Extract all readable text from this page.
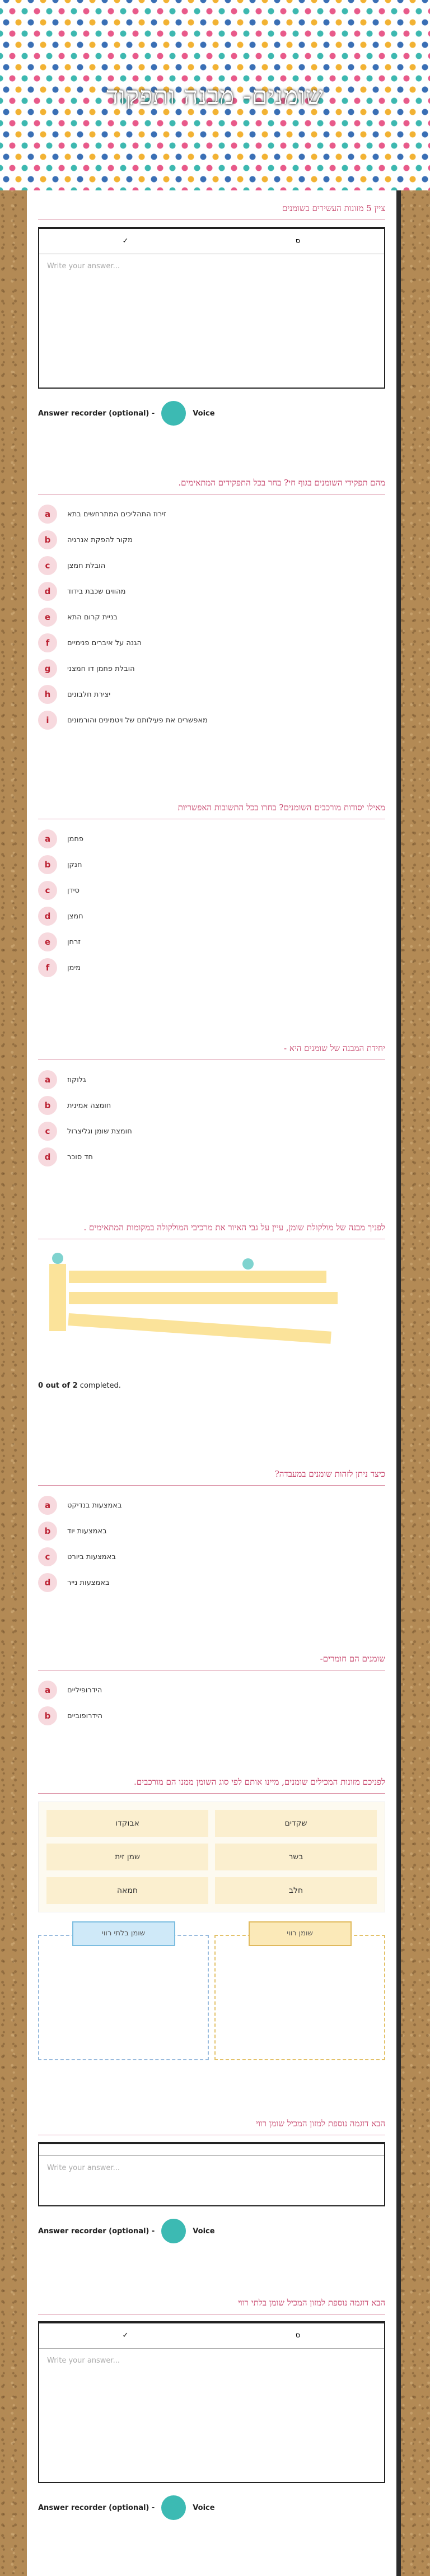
שומנים- מבנה ותפקוד
ציין 5 מזונות העשירים בשומנים
✓	ס
Write your answer...
Answer recorder (optional) -	Voice
מהם תפקידי השומנים בגוף חי? בחר בכל התפקידים המתאימים.
a	זירוז התהליכים המתרחשים בתא
b	מקור להפקת אנרגיה
c	הובלת חמצן
d	מהווים שכבת בידוד
e	בניית קרום התא
f	הגנה על איברים פנימיים
g	הובלת פחמן דו חמצני
h	יצירת חלבונים
i	מאפשרים את פעילותם של ויטמינים והורמונים
מאילו יסודות מורכבים השומנים? בחרו בכל התשובות האפשריות
a	פחמן
b	חנקן
c	סידן
d	חמצן
e	זרחן
f	מימן
יחידת המבנה של שומנים היא -
a	גלוקוז
b	חומצה אמינית
c	חומצת שומן וגליצרול
d	חד סוכר
לפניך מבנה של מולקולת שומן, עיין על גבי האיור את מרכיבי המולקולה במקומות המתאימים .
0 out of 2 completed.
כיצד ניתן לזהות שומנים במעבדה?
a	באמצעות בנדיקט
b	באמצעות יוד
c	באמצעות ביורט
d	באמצעות נייר
שומנים הם חומרים-
a	הידרופיליים
b	הידרופוביים
לפניכם מזונות המכילים שומנים, מיינו אותם לפי סוג השומן ממנו הם מורכבים.
אבוקדו	שקדים
שמן זית	בשר
חמאה	חלב
שומן בלתי רווי	שומן רווי
הבא דוגמה נוספת למזון המכיל שומן רווי
Write your answer...
Answer recorder (optional) -	Voice
הבא דוגמה נוספת למזון המכיל שומן בלתי רווי
✓	ס
Write your answer...
Answer recorder (optional) -	Voice
